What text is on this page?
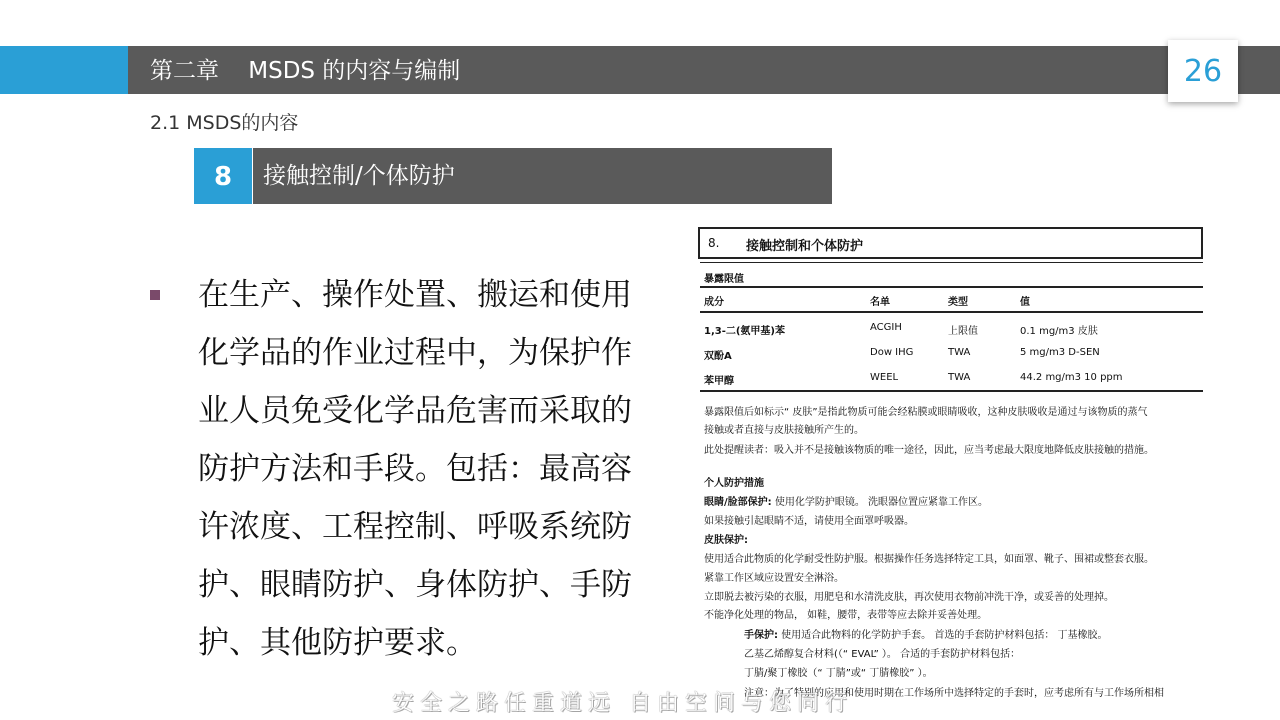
第二章    MSDS 的内容与编制	26
2.1 MSDS的内容
8	接触控制/个体防护
在生产、操作处置、搬运和使用化学品的作业过程中，为保护作业人员免受化学品危害而采取的防护方法和手段。包括：最高容许浓度、工程控制、呼吸系统防护、眼睛防护、身体防护、手防护、其他防护要求。
8. 接触控制和个体防护
暴露限值
成分	名单	类型	值
1,3-二(氨甲基)苯	ACGIH	上限值	0.1 mg/m3 皮肤
双酚A	Dow IHG	TWA	5 mg/m3 D-SEN
苯甲醇	WEEL	TWA	44.2 mg/m3 10 ppm
暴露限值后如标示“ 皮肤”是指此物质可能会经粘膜或眼睛吸收，这种皮肤吸收是通过与该物质的蒸气
接触或者直接与皮肤接触所产生的。
此处提醒读者：吸入并不是接触该物质的唯一途径，因此，应当考虑最大限度地降低皮肤接触的措施。
个人防护措施
眼睛/脸部保护: 使用化学防护眼镜。 洗眼器位置应紧靠工作区。
如果接触引起眼睛不适，请使用全面罩呼吸器。
皮肤保护:
使用适合此物质的化学耐受性防护服。根据操作任务选择特定工具，如面罩、靴子、围裙或整套衣服。
紧靠工作区域应设置安全淋浴。
立即脱去被污染的衣服，用肥皂和水清洗皮肤，再次使用衣物前冲洗干净，或妥善的处理掉。
不能净化处理的物品， 如鞋，腰带，表带等应去除并妥善处理。
手保护: 使用适合此物料的化学防护手套。 首选的手套防护材料包括： 丁基橡胶。
乙基乙烯醇复合材料(（“ EVAL” ）。 合适的手套防护材料包括：
丁腈/聚丁橡胶（“ 丁腈”或“ 丁腈橡胶” ）。
注意：为了特别的应用和使用时期在工作场所中选择特定的手套时，应考虑所有与工作场所相相
安全之路任重道远 自由空间与您同行
